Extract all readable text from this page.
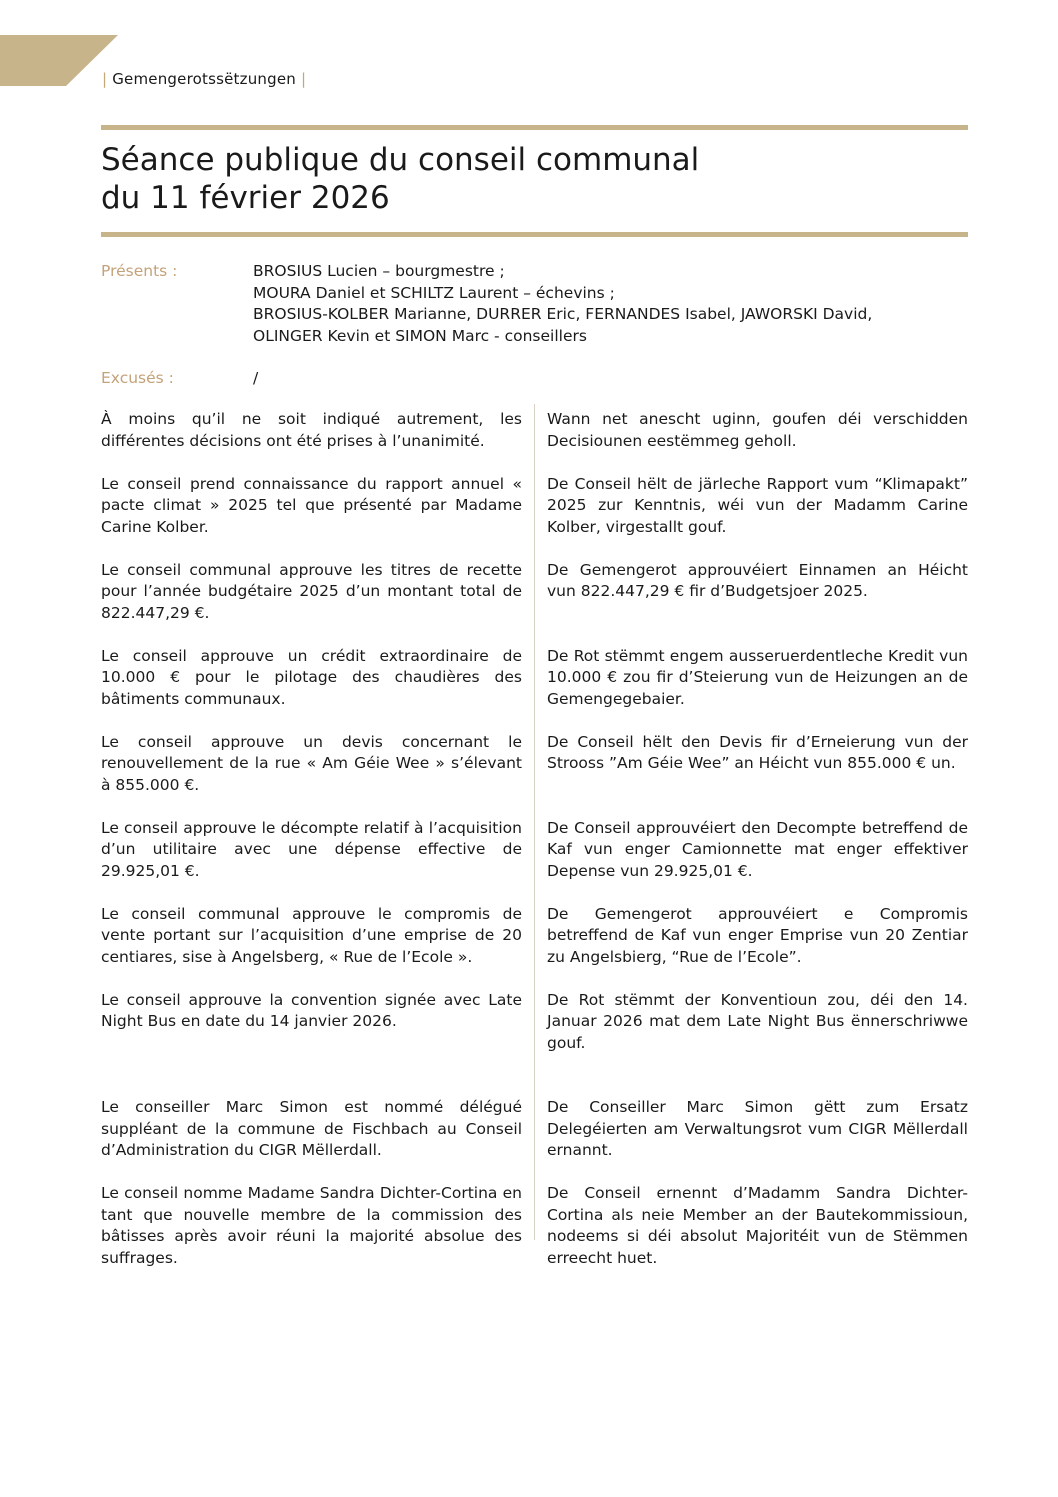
| Gemengerotssëtzungen |
Séance publique du conseil communal
du 11 février 2026
Présents :	BROSIUS Lucien – bourgmestre ;
MOURA Daniel et SCHILTZ Laurent – échevins ;
BROSIUS-KOLBER Marianne, DURRER Eric, FERNANDES Isabel, JAWORSKI David,
OLINGER Kevin et SIMON Marc - conseillers
Excusés :	/
À moins qu’il ne soit indiqué autrement, les différentes décisions ont été prises à l’unanimité.
Wann net anescht uginn, goufen déi verschidden Decisiounen eestëmmeg geholl.
Le conseil prend connaissance du rapport annuel « pacte climat » 2025 tel que présenté par Madame Carine Kolber.
De Conseil hëlt de järleche Rapport vum “Klimapakt” 2025 zur Kenntnis, wéi vun der Madamm Carine Kolber, virgestallt gouf.
Le conseil communal approuve les titres de recette pour l’année budgétaire 2025 d’un montant total de 822.447,29 €.
De Gemengerot approuvéiert Einnamen an Héicht vun 822.447,29 € fir d’Budgetsjoer 2025.
Le conseil approuve un crédit extraordinaire de 10.000 € pour le pilotage des chaudières des bâtiments communaux.
De Rot stëmmt engem ausseruerdentleche Kredit vun 10.000 € zou fir d’Steierung vun de Heizungen an de Gemengegebaier.
Le conseil approuve un devis concernant le renouvellement de la rue « Am Géie Wee » s’élevant à 855.000 €.
De Conseil hëlt den Devis fir d’Erneierung vun der Strooss ”Am Géie Wee” an Héicht vun 855.000 € un.
Le conseil approuve le décompte relatif à l’acquisition d’un utilitaire avec une dépense effective de 29.925,01 €.
De Conseil approuvéiert den Decompte betreffend de Kaf vun enger Camionnette mat enger effektiver Depense vun 29.925,01 €.
Le conseil communal approuve le compromis de vente portant sur l’acquisition d’une emprise de 20 centiares, sise à Angelsberg, « Rue de l’Ecole ».
De Gemengerot approuvéiert e Compromis betreffend de Kaf vun enger Emprise vun 20 Zentiar zu Angelsbierg, “Rue de l’Ecole”.
Le conseil approuve la convention signée avec Late Night Bus en date du 14 janvier 2026.
De Rot stëmmt der Konventioun zou, déi den 14. Januar 2026 mat dem Late Night Bus ënnerschriwwe gouf.
Le conseiller Marc Simon est nommé délégué suppléant de la commune de Fischbach au Conseil d’Administration du CIGR Mëllerdall.
De Conseiller Marc Simon gëtt zum Ersatz Delegéierten am Verwaltungsrot vum CIGR Mëllerdall ernannt.
Le conseil nomme Madame Sandra Dichter-Cortina en tant que nouvelle membre de la commission des bâtisses après avoir réuni la majorité absolue des suffrages.
De Conseil ernennt d’Madamm Sandra Dichter-Cortina als neie Member an der Bautekommissioun, nodeems si déi absolut Majoritéit vun de Stëmmen erreecht huet.
